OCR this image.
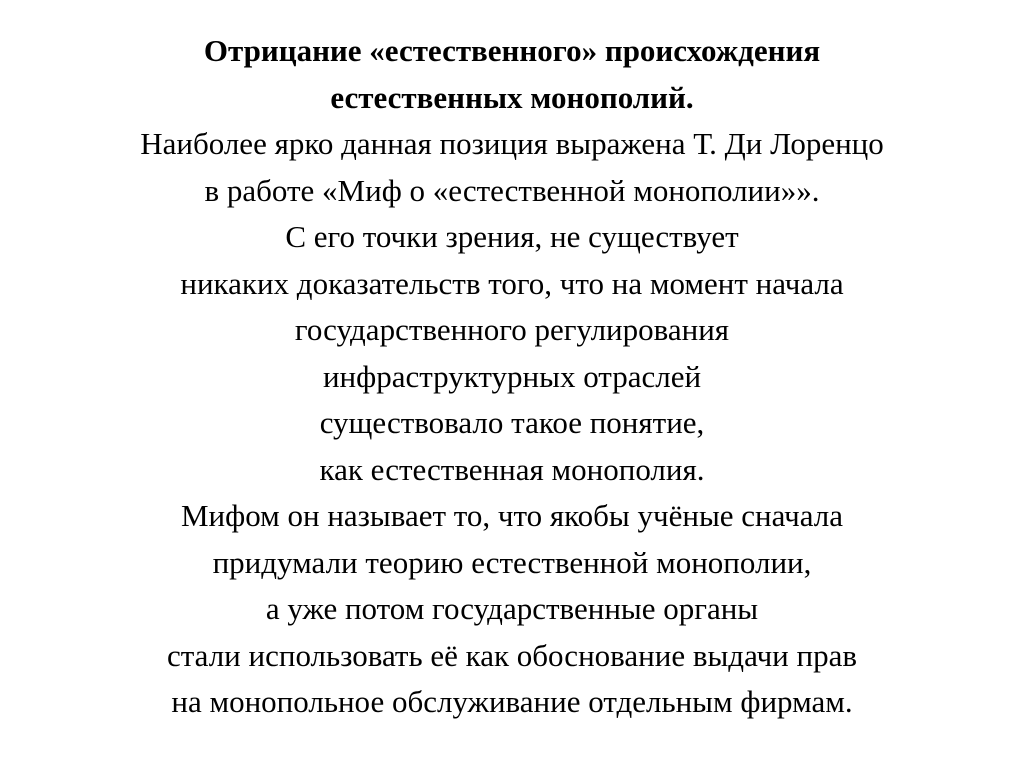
Отрицание «естественного» происхождения
естественных монополий.
Наиболее ярко данная позиция выражена Т. Ди Лоренцо
в работе «Миф о «естественной монополии»».
С его точки зрения, не существует
никаких доказательств того, что на момент начала
государственного регулирования
инфраструктурных отраслей
существовало такое понятие,
как естественная монополия.
Мифом он называет то, что якобы учёные сначала
придумали теорию естественной монополии,
а уже потом государственные органы
стали использовать её как обоснование выдачи прав
на монопольное обслуживание отдельным фирмам.
